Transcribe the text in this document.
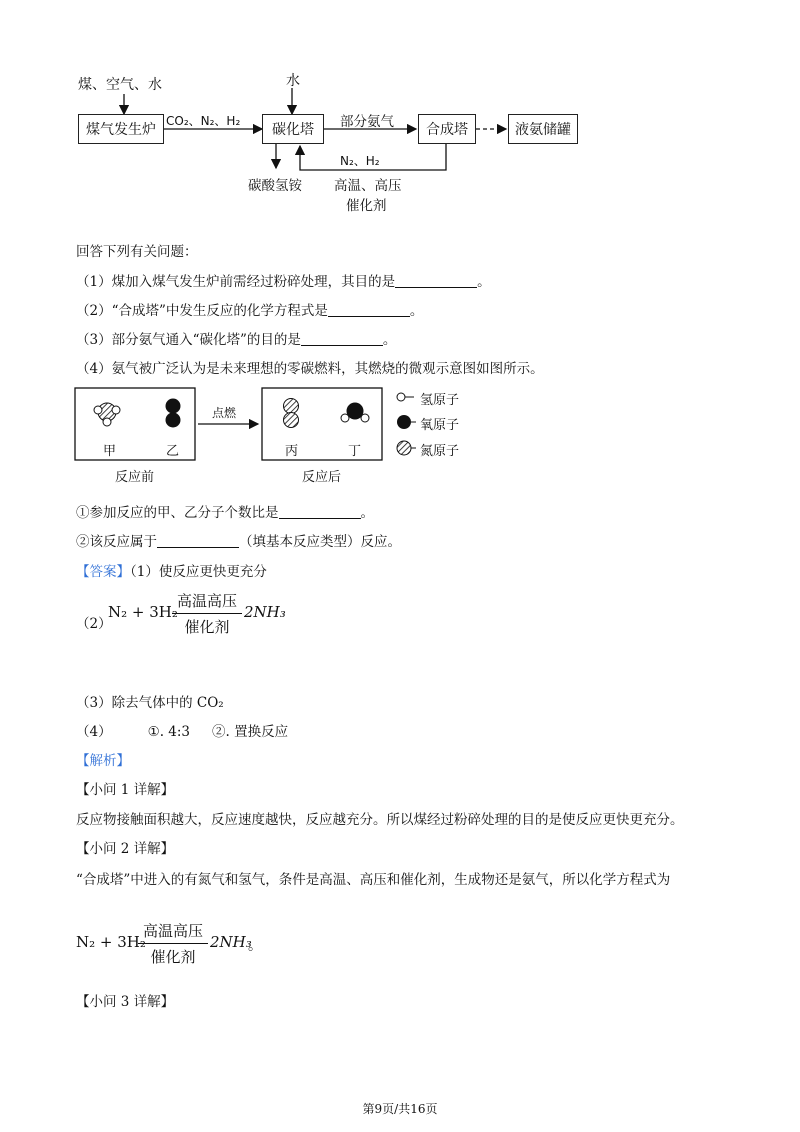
煤、空气、水	水
煤气发生炉
CO₂、N₂、H₂
碳化塔	部分氨气	合成塔	液氨储罐
碳酸氢铵
N₂、H₂
高温、高压
催化剂
回答下列有关问题：
（1）煤加入煤气发生炉前需经过粉碎处理，其目的是	。
（2）“合成塔”中发生反应的化学方程式是	。
（3）部分氨气通入“碳化塔”的目的是	。
（4）氨气被广泛认为是未来理想的零碳燃料，其燃烧的微观示意图如图所示。
甲	乙
点燃
丙	丁
反应前	反应后
氢原子
氧原子
氮原子
①参加反应的甲、乙分子个数比是	。
②该反应属于	（填基本反应类型）反应。
【答案】（1）使反应更快更充分
（2）
N₂ + 3H₂
高温高压
催化剂
2NH₃
（3）除去气体中的 CO₂
（4）	①. 4:3 ②. 置换反应
【解析】
【小问 1 详解】
反应物接触面积越大，反应速度越快，反应越充分。所以煤经过粉碎处理的目的是使反应更快更充分。
【小问 2 详解】
“合成塔”中进入的有氮气和氢气，条件是高温、高压和催化剂，生成物还是氨气，所以化学方程式为
N₂ + 3H₂
高温高压
催化剂
2NH₃
。
【小问 3 详解】
第9页/共16页
